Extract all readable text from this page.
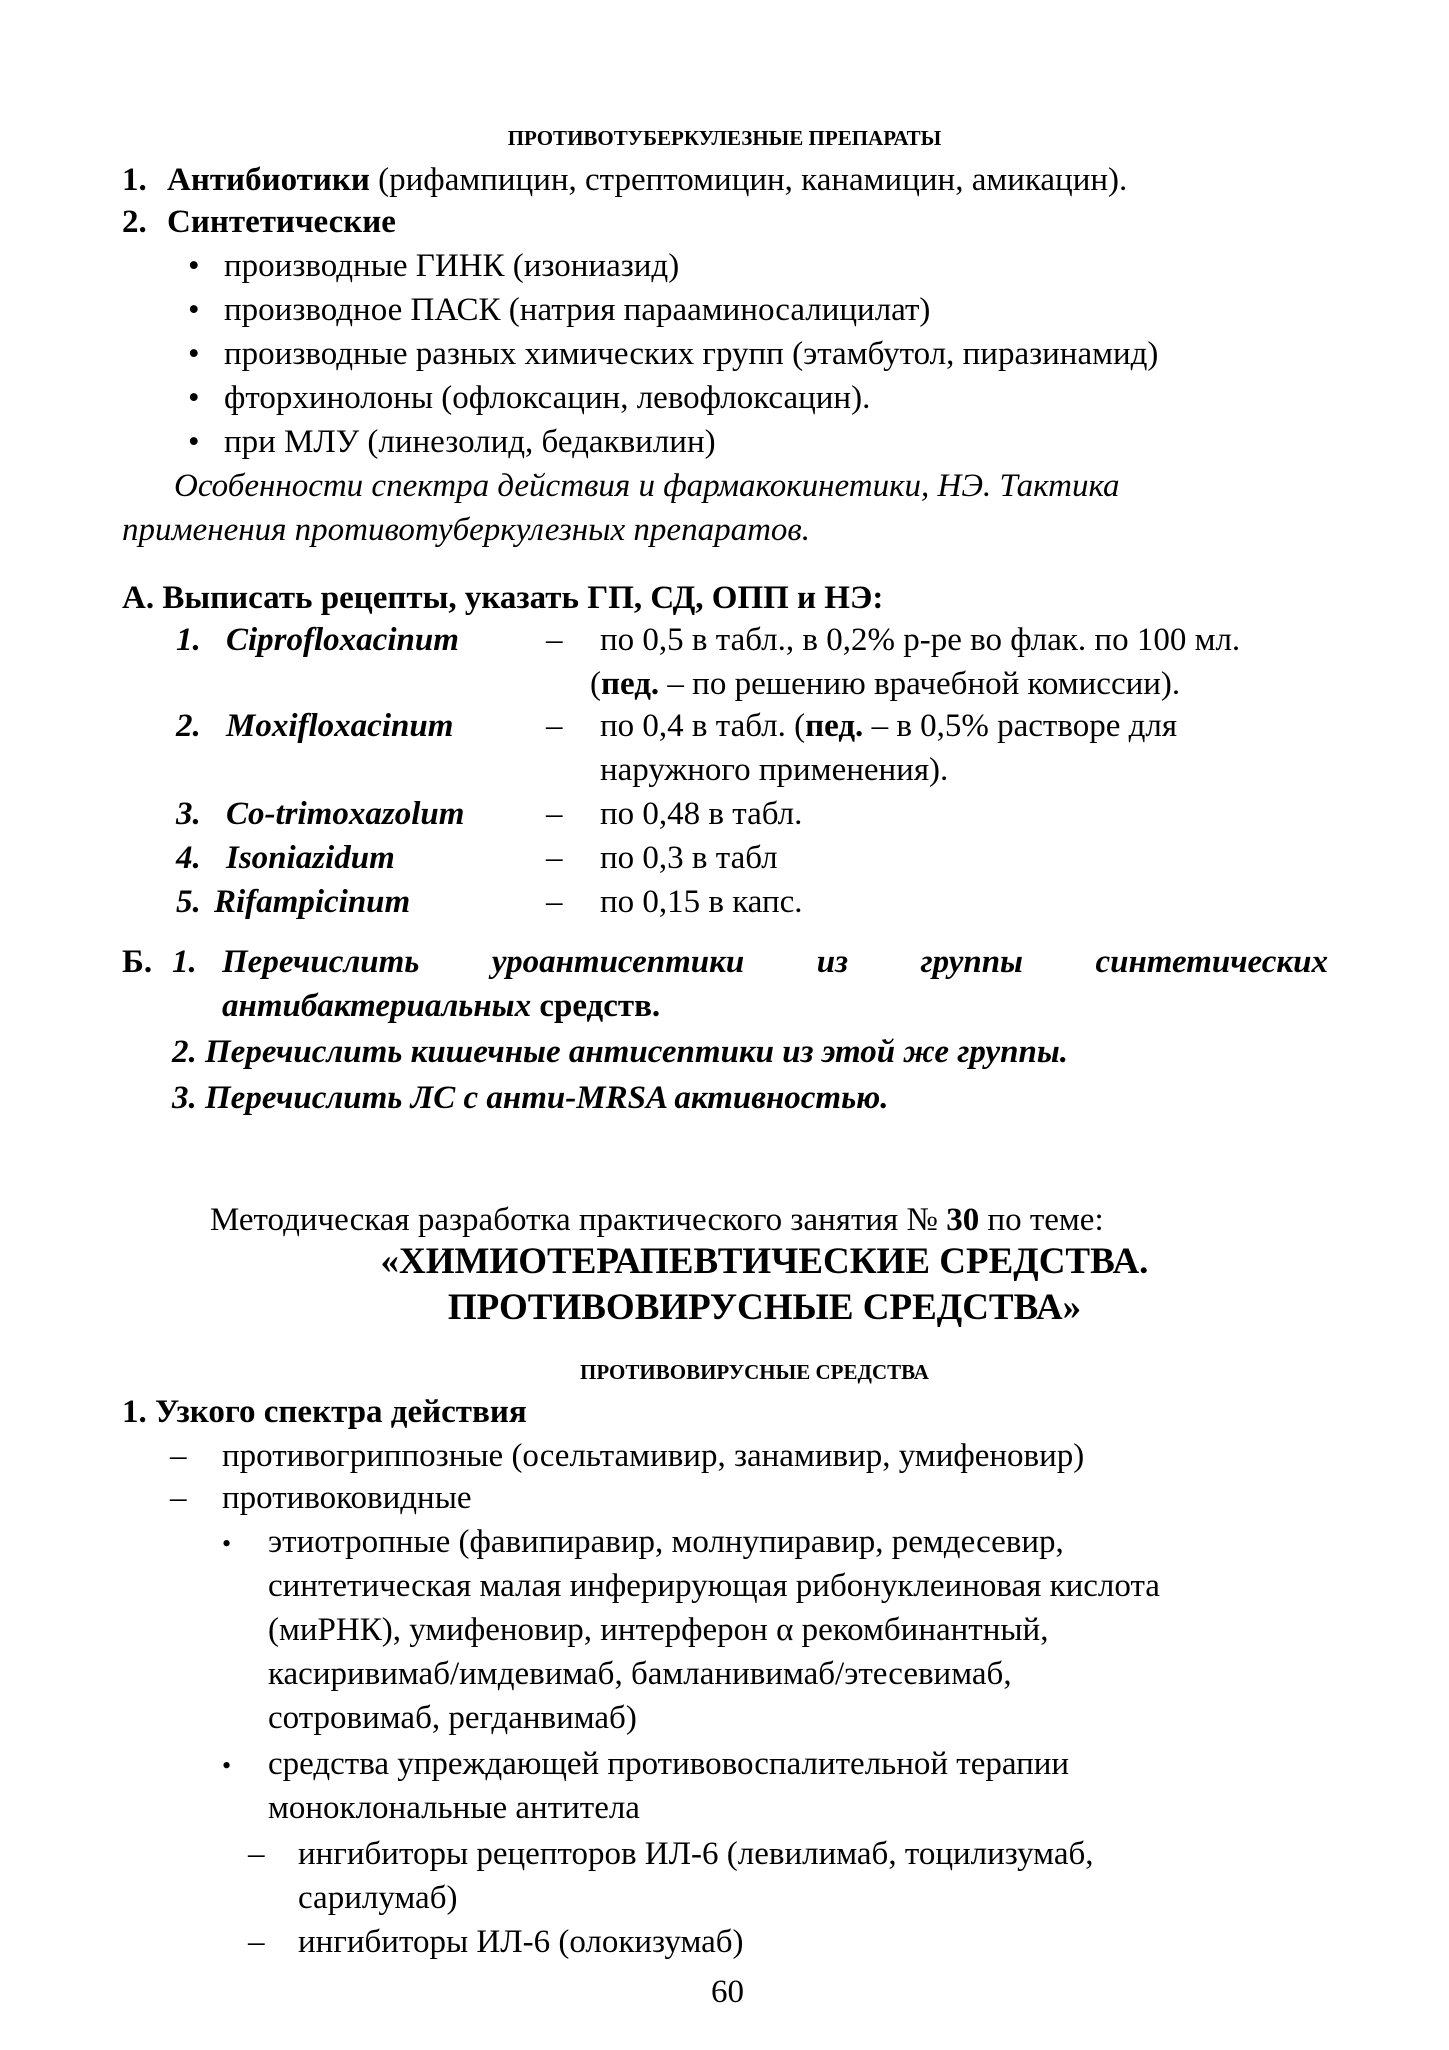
ПРОТИВОТУБЕРКУЛЕЗНЫЕ ПРЕПАРАТЫ
1. Антибиотики (рифампицин, стрептомицин, канамицин, амикацин).
2. Синтетические
• производные ГИНК (изониазид)
• производное ПАСК (натрия парааминосалицилат)
• производные разных химических групп (этамбутол, пиразинамид)
• фторхинолоны (офлоксацин, левофлоксацин).
• при МЛУ (линезолид, бедаквилин)
Особенности спектра действия и фармакокинетики, НЭ. Тактика
применения противотуберкулезных препаратов.
А. Выписать рецепты, указать ГП, СД, ОПП и НЭ:
1. Ciprofloxacinum	– по 0,5 в табл., в 0,2% р-ре во флак. по 100 мл.
(пед. – по решению врачебной комиссии).
2. Moxifloxacinum	– по 0,4 в табл. (пед. – в 0,5% растворе для
наружного применения).
3. Co-trimoxazolum – по 0,48 в табл.
4. Isoniazidum	– по 0,3 в табл
5. Rifampicinum	– по 0,15 в капс.
Б. 1. Перечислить уроантисептики из группы синтетических
антибактериальных средств.
2. Перечислить кишечные антисептики из этой же группы.
3. Перечислить ЛС с анти-MRSA активностью.
Методическая разработка практического занятия № 30 по теме:
«ХИМИОТЕРАПЕВТИЧЕСКИЕ СРЕДСТВА.
ПРОТИВОВИРУСНЫЕ СРЕДСТВА»
ПРОТИВОВИРУСНЫЕ СРЕДСТВА
1. Узкого спектра действия
– противогриппозные (осельтамивир, занамивир, умифеновир)
– противоковидные
• этиотропные (фавипиравир, молнупиравир, ремдесевир,
синтетическая малая инферирующая рибонуклеиновая кислота
(миРНК), умифеновир, интерферон α рекомбинантный,
касиривимаб/имдевимаб, бамланивимаб/этесевимаб,
сотровимаб, регданвимаб)
• средства упреждающей противовоспалительной терапии
моноклональные антитела
– ингибиторы рецепторов ИЛ-6 (левилимаб, тоцилизумаб,
сарилумаб)
– ингибиторы ИЛ-6 (олокизумаб)
60
